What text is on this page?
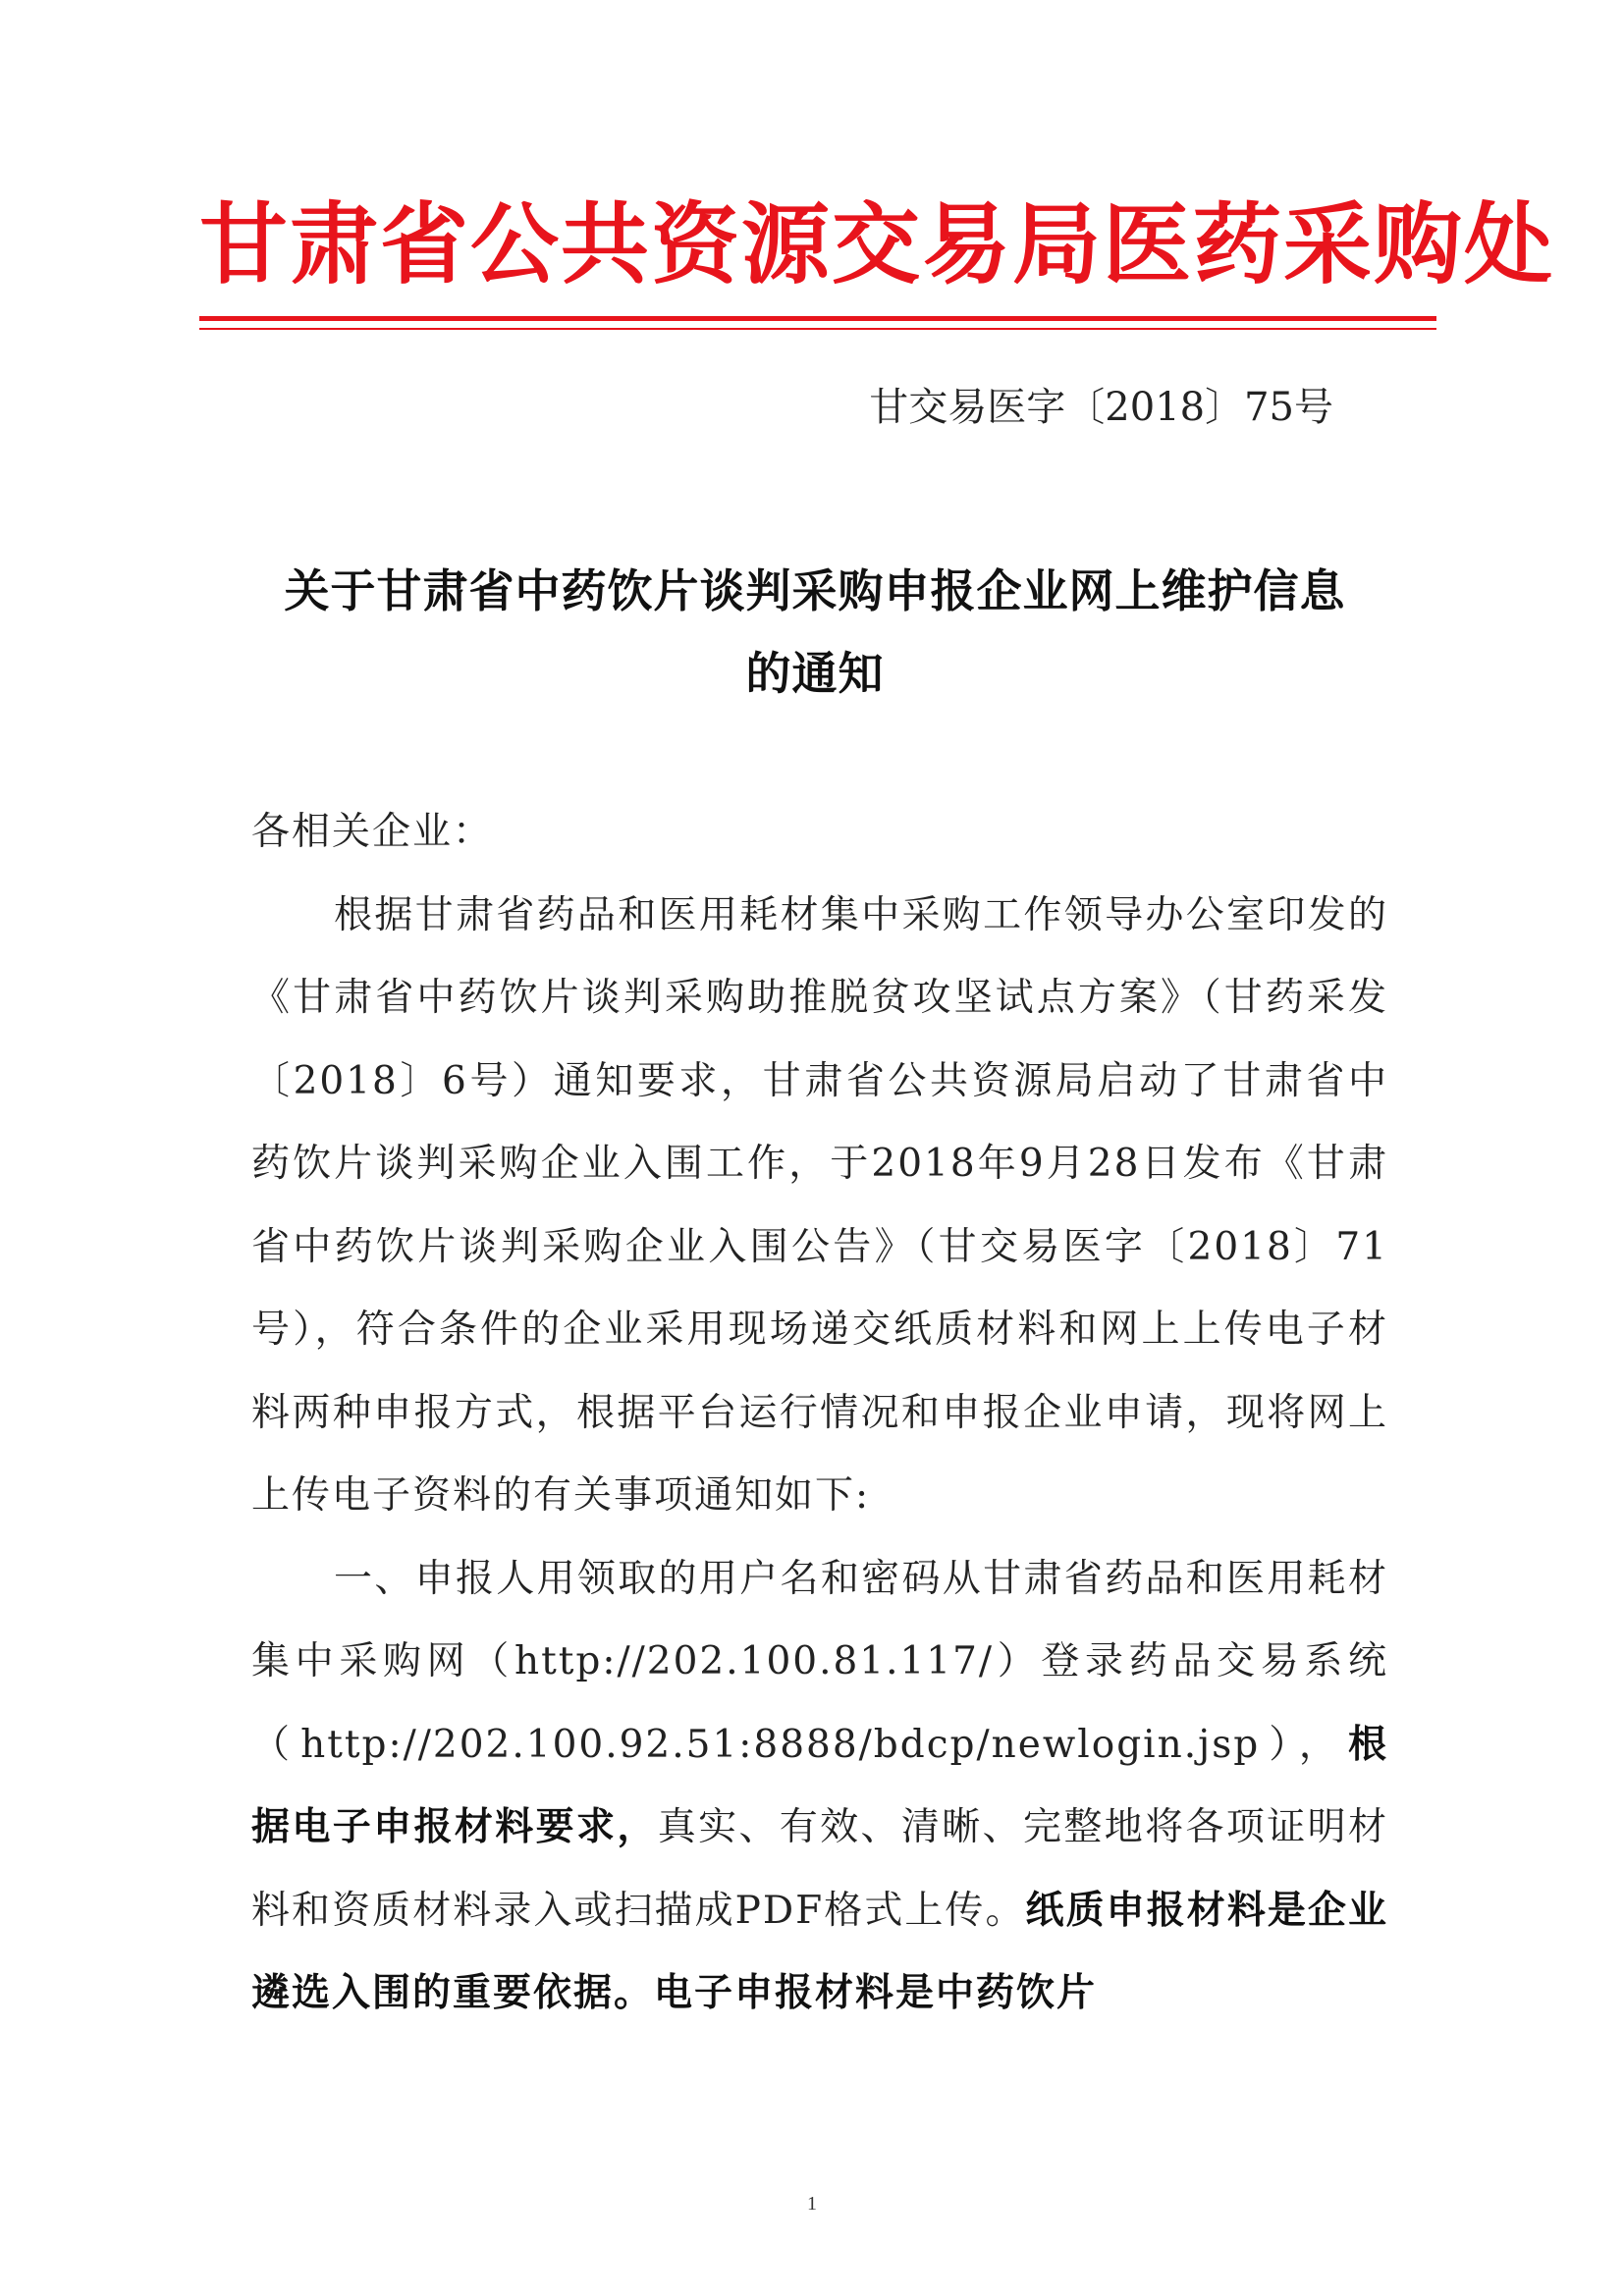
甘肃省公共资源交易局医药采购处
甘交易医字〔2018〕75号
关于甘肃省中药饮片谈判采购申报企业网上维护信息
的通知

各相关企业：

根据甘肃省药品和医用耗材集中采购工作领导办公室印发的《甘肃省中药饮片谈判采购助推脱贫攻坚试点方案》（甘药采发〔2018〕6号）通知要求，甘肃省公共资源局启动了甘肃省中药饮片谈判采购企业入围工作，于2018年9月28日发布《甘肃省中药饮片谈判采购企业入围公告》（甘交易医字〔2018〕71号），符合条件的企业采用现场递交纸质材料和网上上传电子材料两种申报方式，根据平台运行情况和申报企业申请，现将网上上传电子资料的有关事项通知如下:

一、申报人用领取的用户名和密码从甘肃省药品和医用耗材集中采购网（http://202.100.81.117/）登录药品交易系统（http://202.100.92.51:8888/bdcp/newlogin.jsp），根据电子申报材料要求，真实、有效、清晰、完整地将各项证明材料和资质材料录入或扫描成PDF格式上传。纸质申报材料是企业遴选入围的重要依据。电子申报材料是中药饮片

1
